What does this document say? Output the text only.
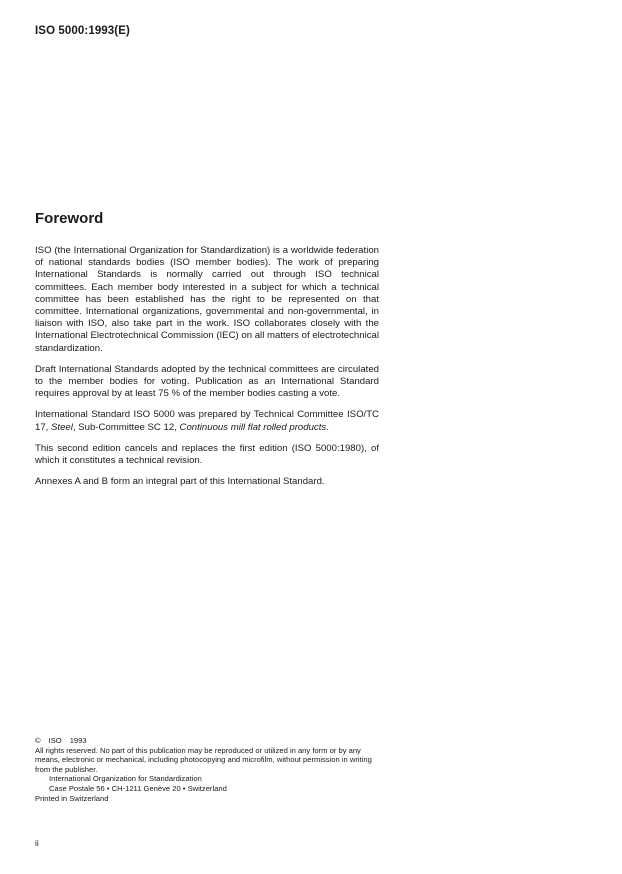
ISO 5000:1993(E)
Foreword

ISO (the International Organization for Standardization) is a worldwide federation of national standards bodies (ISO member bodies). The work of preparing International Standards is normally carried out through ISO technical committees. Each member body interested in a subject for which a technical committee has been established has the right to be represented on that committee. International organizations, governmental and non-governmental, in liaison with ISO, also take part in the work. ISO collaborates closely with the International Electrotechnical Commission (IEC) on all matters of electrotechnical standardization.

Draft International Standards adopted by the technical committees are circulated to the member bodies for voting. Publication as an International Standard requires approval by at least 75 % of the member bodies casting a vote.

International Standard ISO 5000 was prepared by Technical Committee ISO/TC 17, Steel, Sub-Committee SC 12, Continuous mill flat rolled products.

This second edition cancels and replaces the first edition (ISO 5000:1980), of which it constitutes a technical revision.

Annexes A and B form an integral part of this International Standard.

© ISO 1993
All rights reserved. No part of this publication may be reproduced or utilized in any form or by any means, electronic or mechanical, including photocopying and microfilm, without permission in writing from the publisher.
International Organization for Standardization
Case Postale 56 • CH-1211 Genève 20 • Switzerland
Printed in Switzerland
ii
